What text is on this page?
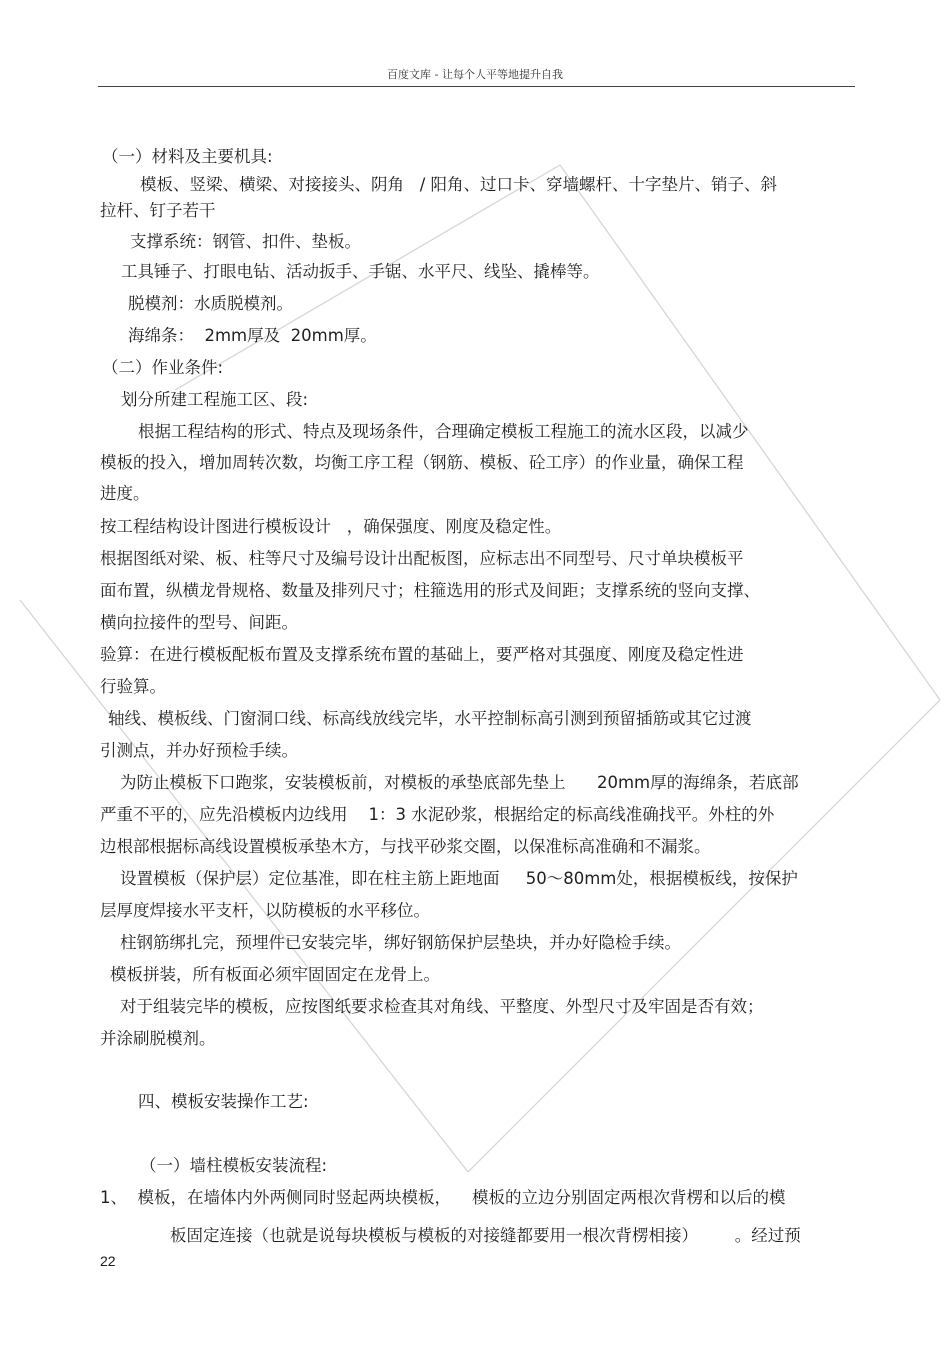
百度文库 - 让每个人平等地提升自我
（一）材料及主要机具:
模板、竖梁、横梁、对接接头、阴角   / 阳角、过口卡、穿墙螺杆、十字垫片、销子、斜
拉杆、钉子若干
支撑系统：钢管、扣件、垫板。
工具锤子、打眼电钻、活动扳手、手锯、水平尺、线坠、撬棒等。
脱模剂：水质脱模剂。
海绵条：  2mm厚及  20mm厚。
（二）作业条件:
划分所建工程施工区、段:
根据工程结构的形式、特点及现场条件，合理确定模板工程施工的流水区段，以减少
模板的投入，增加周转次数，均衡工序工程（钢筋、模板、砼工序）的作业量，确保工程
进度。
按工程结构设计图进行模板设计   ，确保强度、刚度及稳定性。
根据图纸对梁、板、柱等尺寸及编号设计出配板图，应标志出不同型号、尺寸单块模板平
面布置，纵横龙骨规格、数量及排列尺寸；柱箍选用的形式及间距；支撑系统的竖向支撑、
横向拉接件的型号、间距。
验算：在进行模板配板布置及支撑系统布置的基础上，要严格对其强度、刚度及稳定性进
行验算。
轴线、模板线、门窗洞口线、标高线放线完毕，水平控制标高引测到预留插筋或其它过渡
引测点，并办好预检手续。
为防止模板下口跑浆，安装模板前，对模板的承垫底部先垫上      20mm厚的海绵条，若底部
严重不平的，应先沿模板内边线用    1：3 水泥砂浆，根据给定的标高线准确找平。外柱的外
边根部根据标高线设置模板承垫木方，与找平砂浆交圈，以保准标高准确和不漏浆。
设置模板（保护层）定位基准，即在柱主筋上距地面     50～80mm处，根据模板线，按保护
层厚度焊接水平支杆，以防模板的水平移位。
柱钢筋绑扎完，预埋件已安装完毕，绑好钢筋保护层垫块，并办好隐检手续。
模板拼装，所有板面必须牢固固定在龙骨上。
对于组装完毕的模板，应按图纸要求检查其对角线、平整度、外型尺寸及牢固是否有效；
并涂刷脱模剂。
四、模板安装操作工艺:
（一）墙柱模板安装流程:
1、  模板，在墙体内外两侧同时竖起两块模板，    模板的立边分别固定两根次背楞和以后的模
板固定连接（也就是说每块模板与模板的对接缝都要用一根次背楞相接）       。经过预
22
